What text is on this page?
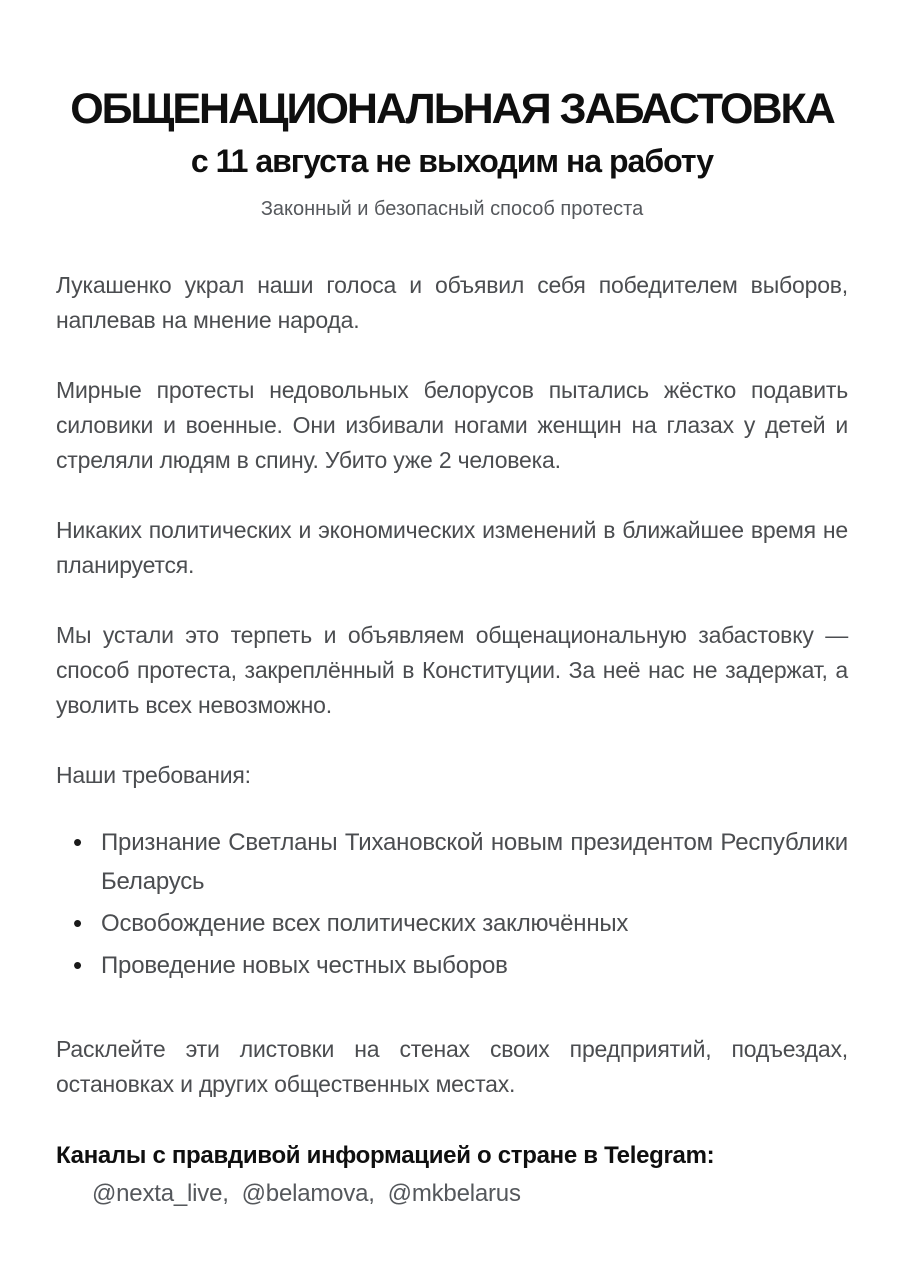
ОБЩЕНАЦИОНАЛЬНАЯ ЗАБАСТОВКА
с 11 августа не выходим на работу
Законный и безопасный способ протеста

Лукашенко украл наши голоса и объявил себя победителем выборов, наплевав на мнение народа.

Мирные протесты недовольных белорусов пытались жёстко подавить силовики и военные. Они избивали ногами женщин на глазах у детей и стреляли людям в спину. Убито уже 2 человека.

Никаких политических и экономических изменений в ближайшее время не планируется.

Мы устали это терпеть и объявляем общенациональную забастовку — способ протеста, закреплённый в Конституции. За неё нас не задержат, а уволить всех невозможно.

Наши требования:

• Признание Светланы Тихановской новым президентом Республики Беларусь
• Освобождение всех политических заключённых
• Проведение новых честных выборов

Расклейте эти листовки на стенах своих предприятий, подъездах, остановках и других общественных местах.

Каналы с правдивой информацией о стране в Telegram:

@nexta_live,  @belamova,  @mkbelarus
